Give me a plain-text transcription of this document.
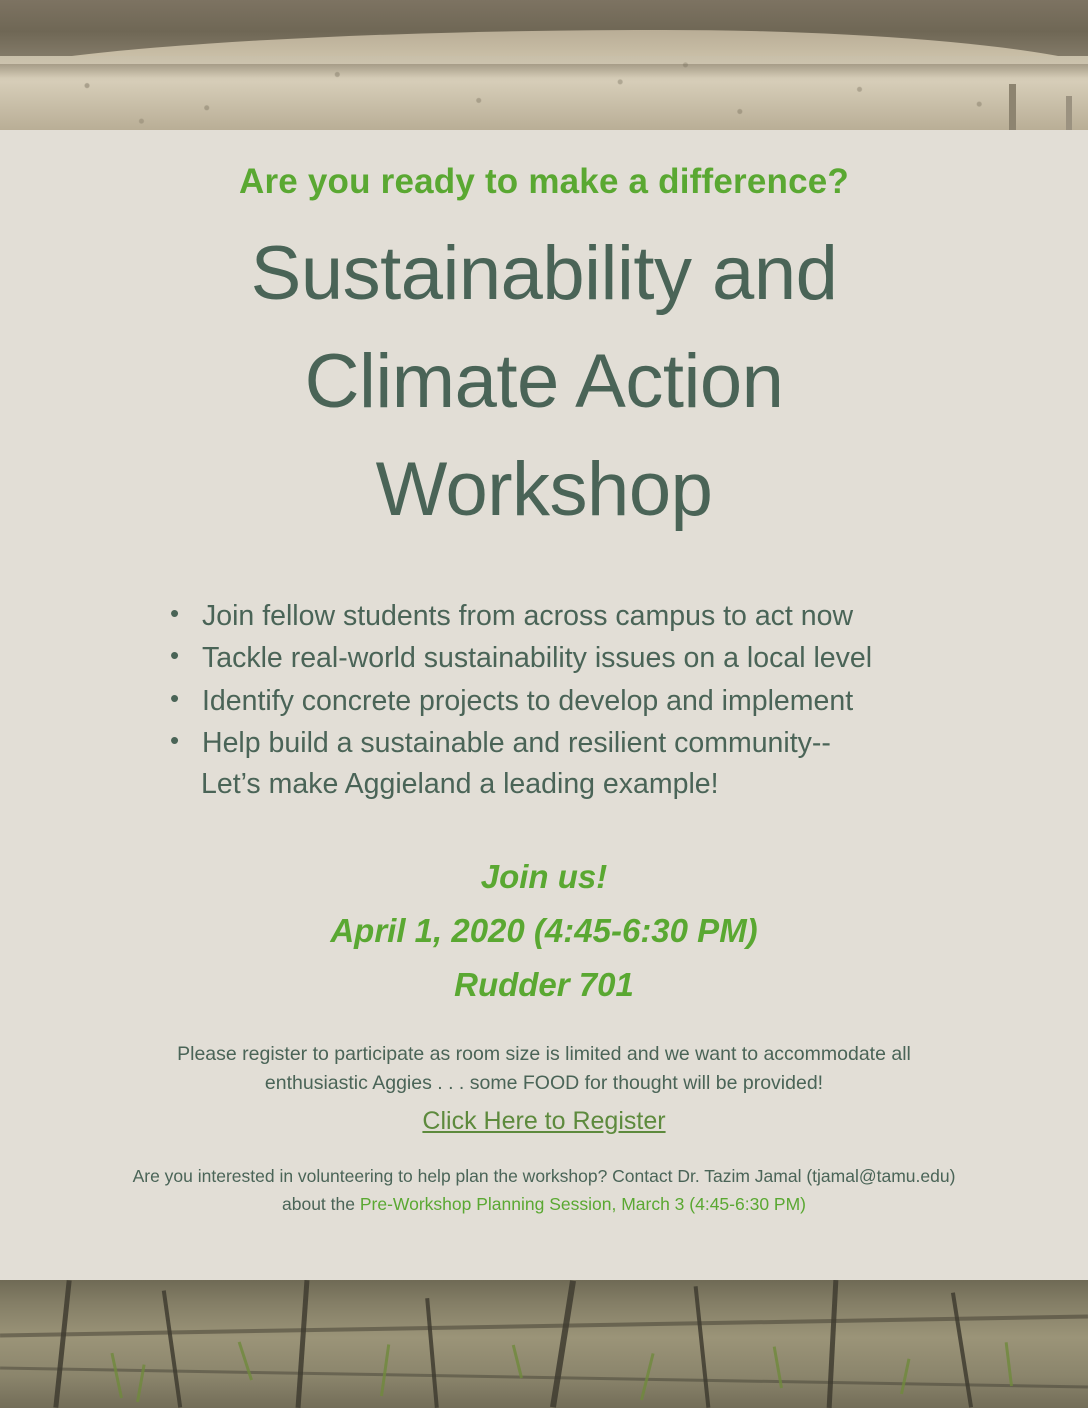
Are you ready to make a difference?

Sustainability and
Climate Action
Workshop
• Join fellow students from across campus to act now
• Tackle real-world sustainability issues on a local level
• Identify concrete projects to develop and implement
• Help build a sustainable and resilient community--
Let’s make Aggieland a leading example!
Join us!
April 1, 2020 (4:45-6:30 PM)
Rudder 701
Please register to participate as room size is limited and we want to accommodate all
enthusiastic Aggies . . . some FOOD for thought will be provided!
Click Here to Register
Are you interested in volunteering to help plan the workshop? Contact Dr. Tazim Jamal (tjamal@tamu.edu)
about the Pre-Workshop Planning Session, March 3 (4:45-6:30 PM)
